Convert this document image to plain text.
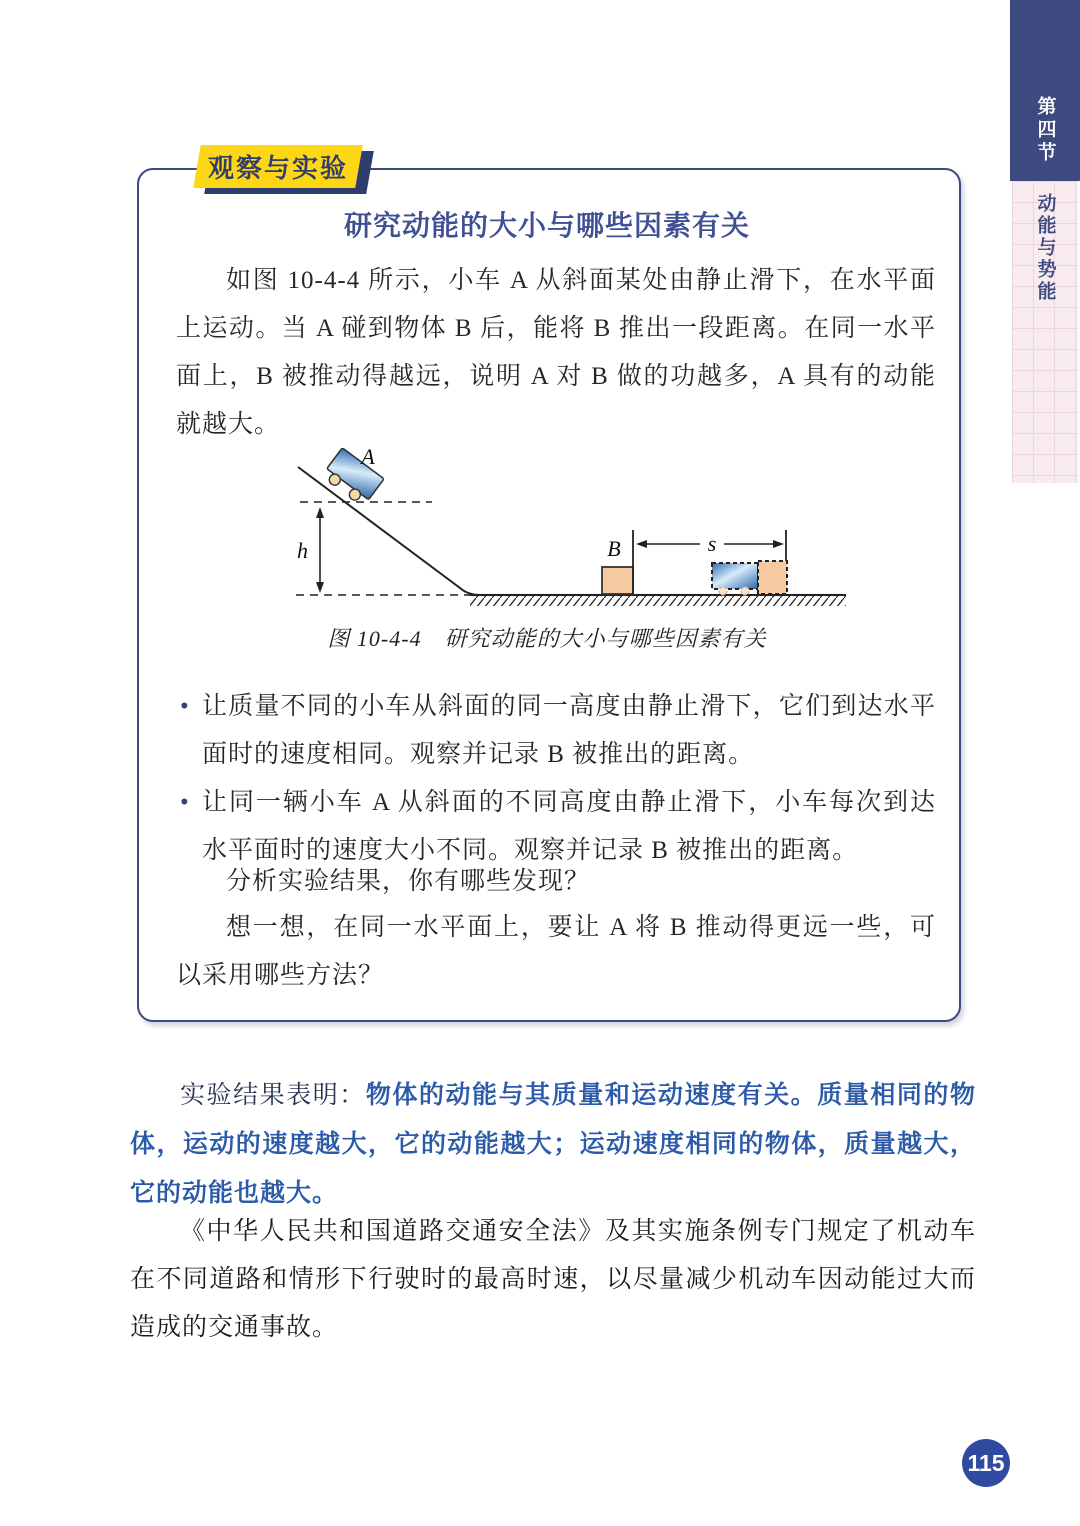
第四节
动能与势能
观察与实验
研究动能的大小与哪些因素有关

如图 10-4-4 所示，小车 A 从斜面某处由静止滑下，在水平面上运动。当 A 碰到物体 B 后，能将 B 推出一段距离。在同一水平面上，B 被推动得越远，说明 A 对 B 做的功越多，A 具有的动能就越大。

h
A
B	s
图 10-4-4　研究动能的大小与哪些因素有关
• 让质量不同的小车从斜面的同一高度由静止滑下，它们到达水平面时的速度相同。观察并记录 B 被推出的距离。
• 让同一辆小车 A 从斜面的不同高度由静止滑下，小车每次到达水平面时的速度大小不同。观察并记录 B 被推出的距离。

分析实验结果，你有哪些发现？

想一想，在同一水平面上，要让 A 将 B 推动得更远一些，可以采用哪些方法？

实验结果表明：物体的动能与其质量和运动速度有关。质量相同的物体，运动的速度越大，它的动能越大；运动速度相同的物体，质量越大，它的动能也越大。

《中华人民共和国道路交通安全法》及其实施条例专门规定了机动车在不同道路和情形下行驶时的最高时速，以尽量减少机动车因动能过大而造成的交通事故。

115
